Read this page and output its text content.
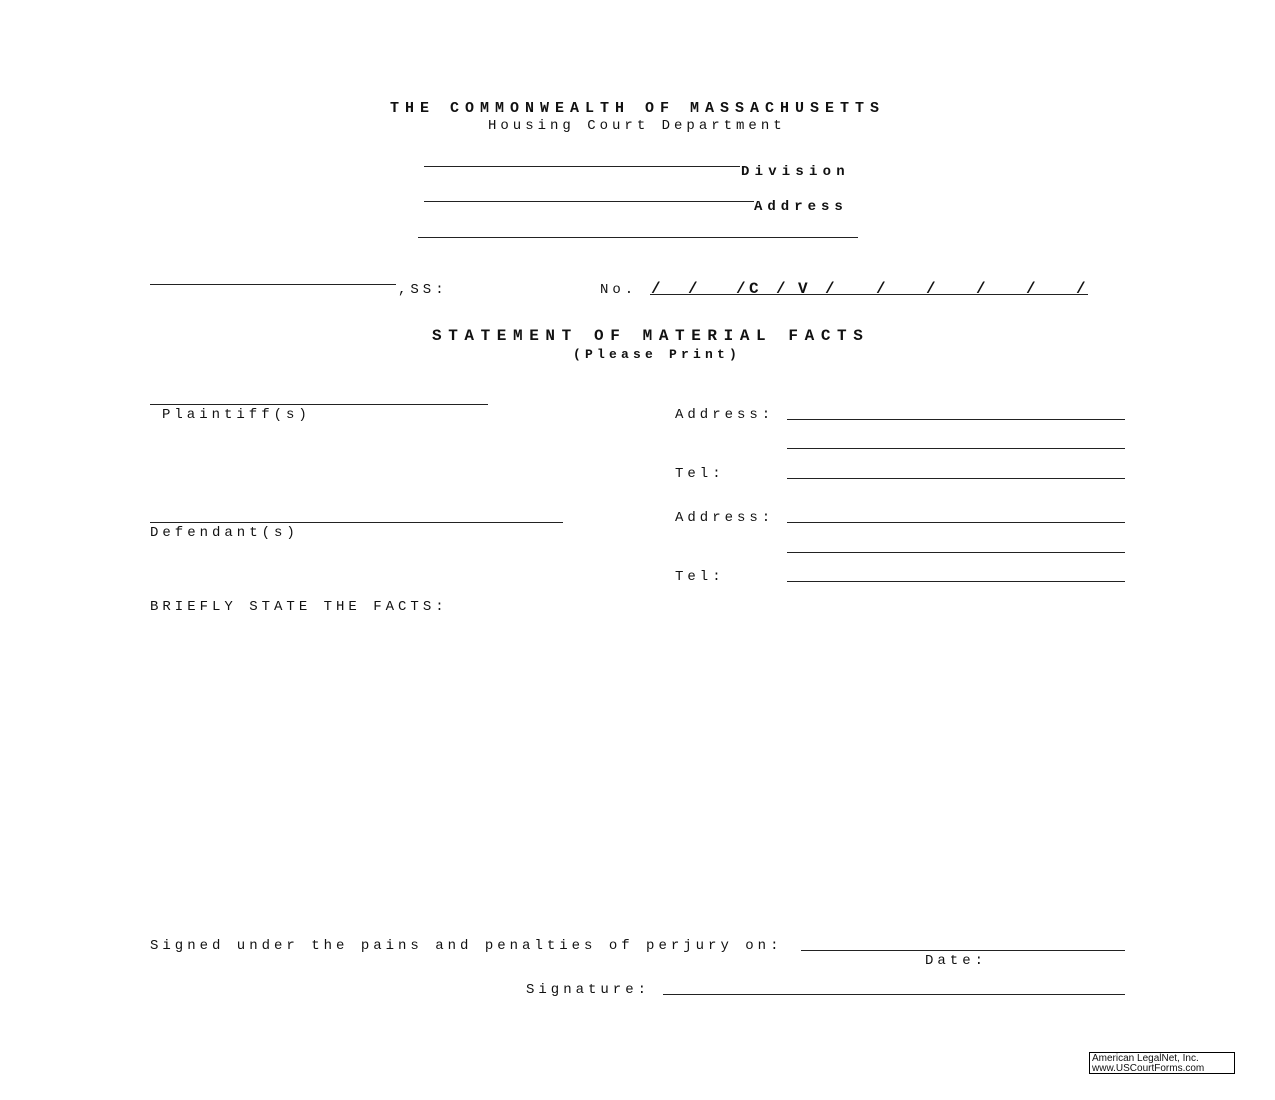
THE COMMONWEALTH OF MASSACHUSETTS
Housing Court Department
Division
Address
,SS:	No. / / / C / V /	/	/	/	/	/
STATEMENT OF MATERIAL FACTS
(Please Print)
Plaintiff(s)	Address:
Tel:
Defendant(s)
Address:
Tel:
BRIEFLY STATE THE FACTS:
Signed under the pains and penalties of perjury on:
Date:
Signature:
American LegalNet, Inc.
www.USCourtForms.com
